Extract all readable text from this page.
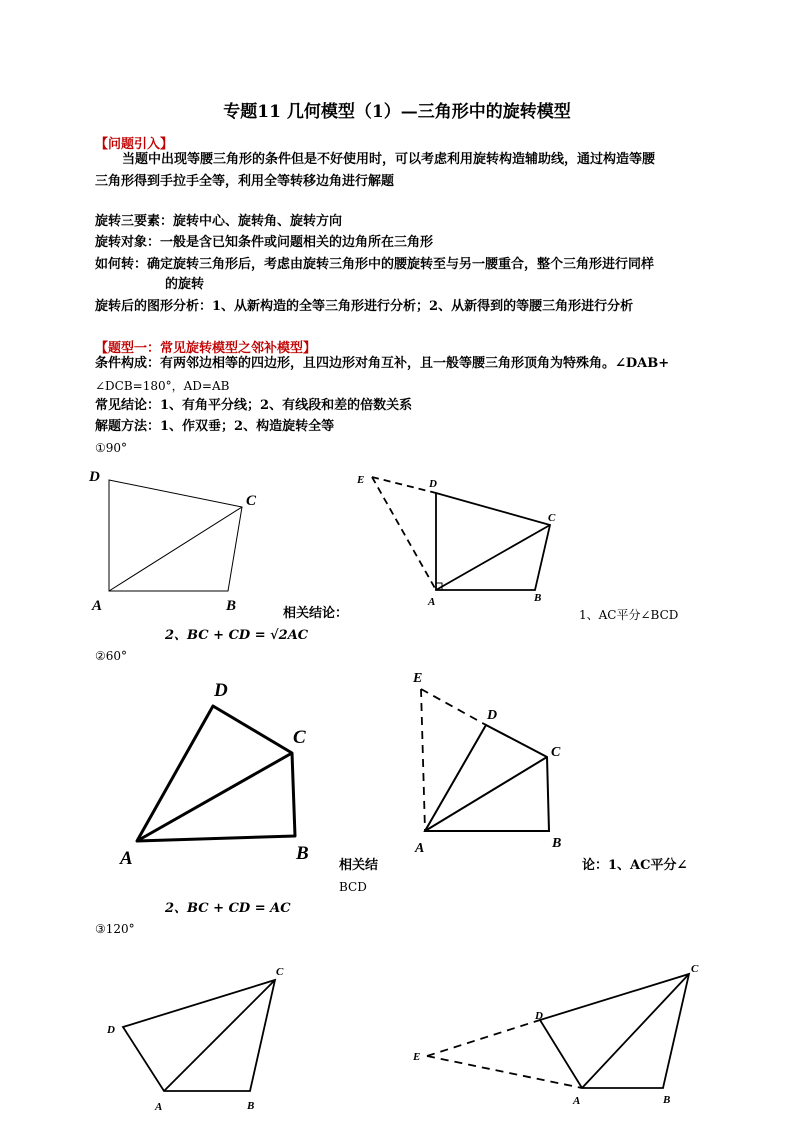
专题11 几何模型（1）—三角形中的旋转模型
【问题引入】
当题中出现等腰三角形的条件但是不好使用时，可以考虑利用旋转构造辅助线，通过构造等腰
三角形得到手拉手全等，利用全等转移边角进行解题
旋转三要素：旋转中心、旋转角、旋转方向
旋转对象：一般是含已知条件或问题相关的边角所在三角形
如何转：确定旋转三角形后，考虑由旋转三角形中的腰旋转至与另一腰重合，整个三角形进行同样
的旋转
旋转后的图形分析：1、从新构造的全等三角形进行分析；2、从新得到的等腰三角形进行分析
【题型一：常见旋转模型之邻补模型】
条件构成：有两邻边相等的四边形，且四边形对角互补，且一般等腰三角形顶角为特殊角。∠DAB+
∠DCB=180°，AD=AB
常见结论：1、有角平分线；2、有线段和差的倍数关系
解题方法：1、作双垂；2、构造旋转全等
①90°
D
C
A	B
E	D
C
A	B
相关结论：	1、AC平分∠BCD
2、BC + CD = √2AC
②60°
D
C
A	B
E
D
C
A	B
相关结	论：1、AC平分∠
BCD
2、BC + CD = AC
③120°
D
C
A	B
E
D
C
A	B
